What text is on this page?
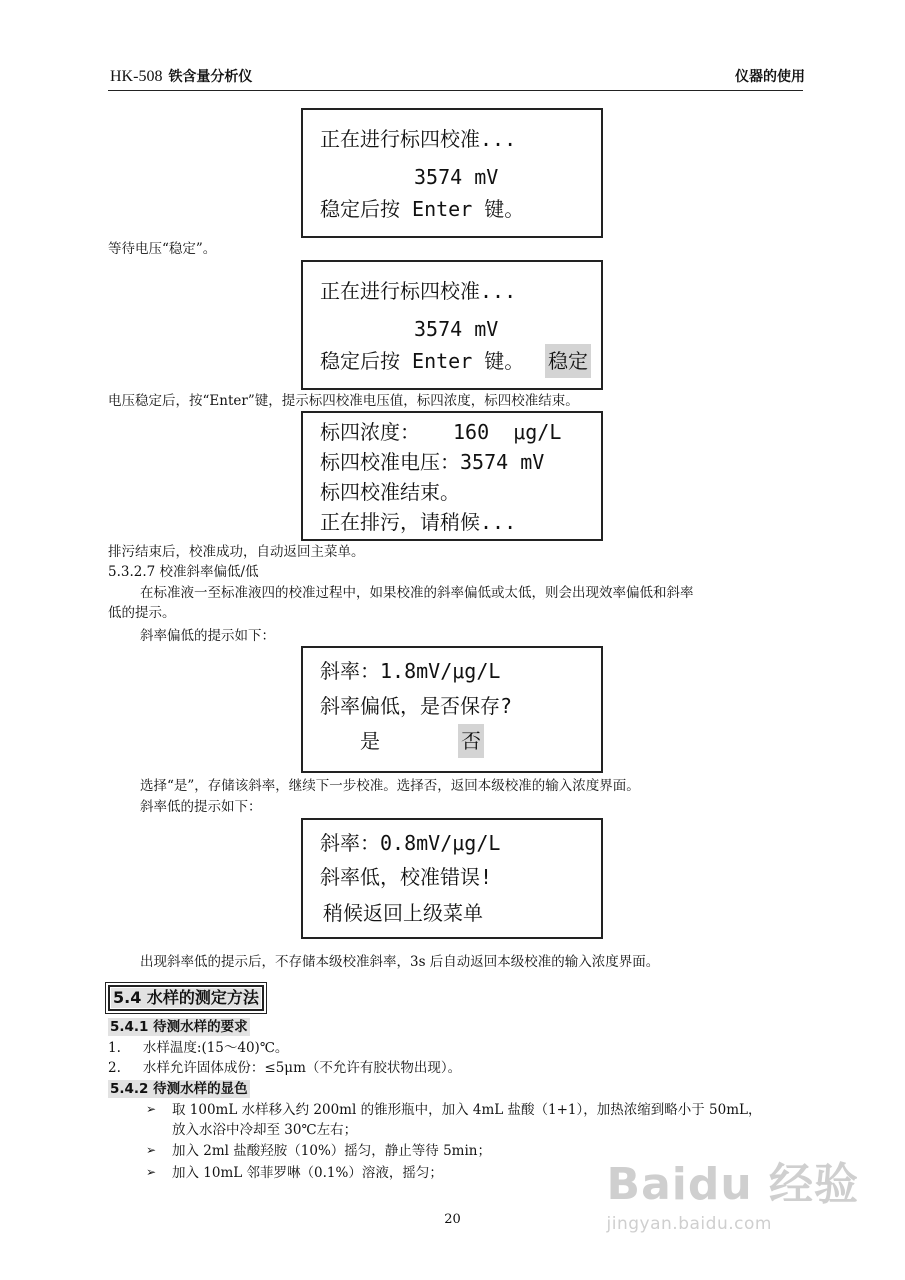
HK-508 铁含量分析仪	仪器的使用
正在进行标四校准...
3574 mV
稳定后按 Enter 键。
等待电压“稳定”。
正在进行标四校准...
3574 mV
稳定后按 Enter 键。 稳定
电压稳定后，按“Enter”键，提示标四校准电压值，标四浓度，标四校准结束。
标四浓度： 160  μg/L
标四校准电压：3574 mV
标四校准结束。
正在排污，请稍候...
排污结束后，校准成功，自动返回主菜单。
5.3.2.7 校准斜率偏低/低
在标准液一至标准液四的校准过程中，如果校准的斜率偏低或太低，则会出现效率偏低和斜率
低的提示。
斜率偏低的提示如下：
斜率：1.8mV/μg/L
斜率偏低，是否保存?
是	否
选择“是”，存储该斜率，继续下一步校准。选择否，返回本级校准的输入浓度界面。
斜率低的提示如下：
斜率：0.8mV/μg/L
斜率低，校准错误!
稍候返回上级菜单
出现斜率低的提示后，不存储本级校准斜率，3s 后自动返回本级校准的输入浓度界面。
5.4 水样的测定方法
5.4.1 待测水样的要求
1. 水样温度:(15～40)℃。
2. 水样允许固体成份：≤5μm（不允许有胶状物出现）。
5.4.2 待测水样的显色
➢ 取 100mL 水样移入约 200ml 的锥形瓶中，加入 4mL 盐酸（1+1），加热浓缩到略小于 50mL，
放入水浴中冷却至 30℃左右；
➢ 加入 2ml 盐酸羟胺（10%）摇匀，静止等待 5min；
➢ 加入 10mL 邻菲罗啉（0.1%）溶液，摇匀；
20
Baidu 经验
jingyan.baidu.com
